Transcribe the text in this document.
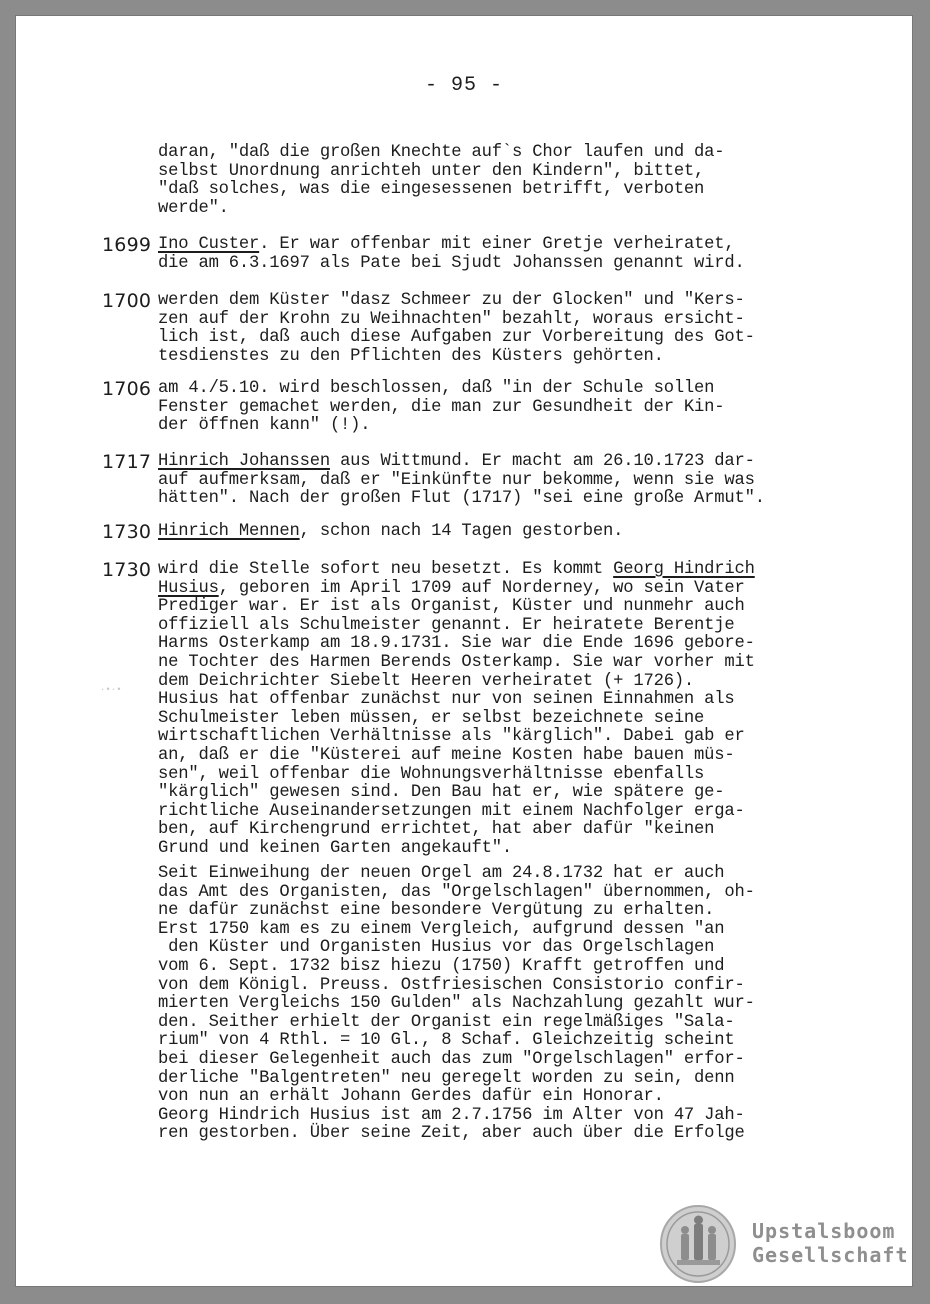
- 95 -
daran, "daß die großen Knechte auf`s Chor laufen und da-
selbst Unordnung anrichteh unter den Kindern", bittet,
"daß solches, was die eingesessenen betrifft, verboten
werde".
1699 Ino Custer. Er war offenbar mit einer Gretje verheiratet,
die am 6.3.1697 als Pate bei Sjudt Johanssen genannt wird.
1700 werden dem Küster "dasz Schmeer zu der Glocken" und "Kers-
zen auf der Krohn zu Weihnachten" bezahlt, woraus ersicht-
lich ist, daß auch diese Aufgaben zur Vorbereitung des Got-
tesdienstes zu den Pflichten des Küsters gehörten.
1706 am 4./5.10. wird beschlossen, daß "in der Schule sollen
Fenster gemachet werden, die man zur Gesundheit der Kin-
der öffnen kann" (!).
1717 Hinrich Johanssen aus Wittmund. Er macht am 26.10.1723 dar-
auf aufmerksam, daß er "Einkünfte nur bekomme, wenn sie was
hätten". Nach der großen Flut (1717) "sei eine große Armut".
1730 Hinrich Mennen, schon nach 14 Tagen gestorben.
1730 wird die Stelle sofort neu besetzt. Es kommt Georg Hindrich
Husius, geboren im April 1709 auf Norderney, wo sein Vater
Prediger war. Er ist als Organist, Küster und nunmehr auch
offiziell als Schulmeister genannt. Er heiratete Berentje
Harms Osterkamp am 18.9.1731. Sie war die Ende 1696 gebore-
ne Tochter des Harmen Berends Osterkamp. Sie war vorher mit
dem Deichrichter Siebelt Heeren verheiratet (+ 1726).
Husius hat offenbar zunächst nur von seinen Einnahmen als
Schulmeister leben müssen, er selbst bezeichnete seine
wirtschaftlichen Verhältnisse als "kärglich". Dabei gab er
an, daß er die "Küsterei auf meine Kosten habe bauen müs-
sen", weil offenbar die Wohnungsverhältnisse ebenfalls
"kärglich" gewesen sind. Den Bau hat er, wie spätere ge-
richtliche Auseinandersetzungen mit einem Nachfolger erga-
ben, auf Kirchengrund errichtet, hat aber dafür "keinen
Grund und keinen Garten angekauft".
·•·•
Seit Einweihung der neuen Orgel am 24.8.1732 hat er auch
das Amt des Organisten, das "Orgelschlagen" übernommen, oh-
ne dafür zunächst eine besondere Vergütung zu erhalten.
Erst 1750 kam es zu einem Vergleich, aufgrund dessen "an
den Küster und Organisten Husius vor das Orgelschlagen
vom 6. Sept. 1732 bisz hiezu (1750) Krafft getroffen und
von dem Königl. Preuss. Ostfriesischen Consistorio confir-
mierten Vergleichs 150 Gulden" als Nachzahlung gezahlt wur-
den. Seither erhielt der Organist ein regelmäßiges "Sala-
rium" von 4 Rthl. = 10 Gl., 8 Schaf. Gleichzeitig scheint
bei dieser Gelegenheit auch das zum "Orgelschlagen" erfor-
derliche "Balgentreten" neu geregelt worden zu sein, denn
von nun an erhält Johann Gerdes dafür ein Honorar.
Georg Hindrich Husius ist am 2.7.1756 im Alter von 47 Jah-
ren gestorben. Über seine Zeit, aber auch über die Erfolge
Upstalsboom
Gesellschaft
